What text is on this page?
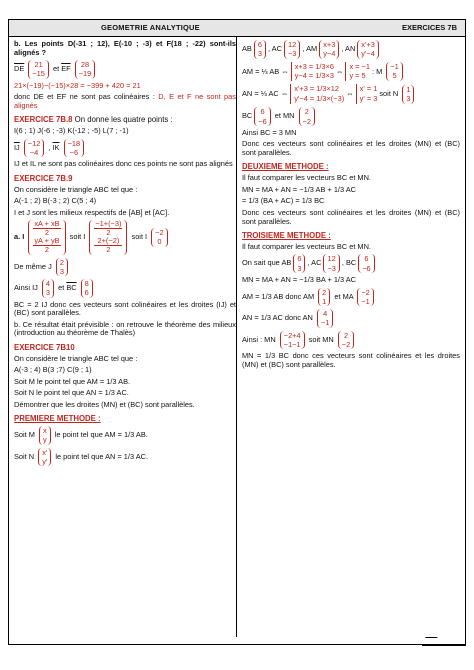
GEOMETRIE ANALYTIQUE	EXERCICES 7B

b. Les points D(-31 ; 12), E(-10 ; -3) et F(18 ; -22) sont-ils alignés ?

$\overline{DE}$ 21
−15
et $\overline{EF}$ 28
−19

21×(−19)−(−15)×28 = −399 + 420 = 21

donc DE et EF ne sont pas colinéaires : D, E et F ne sont pas alignés

EXERCICE 7B.8 On donne les quatre points :

I(6 ; 1) J(-6 ; -3) K(-12 ; -5) L(7 ; -1)

$\overline{IJ} -12$
−4
, $\overline{IK} -18$
−6

IJ et IL ne sont pas colinéaires donc ces points ne sont pas alignés

EXERCICE 7B.9

On considère le triangle ABC tel que :

A(-1 ; 2) B(-3 ; 2) C(5 ; 4)

I et J sont les milieux respectifs de [AB] et [AC].

a. I
xA + xB
2
yA + yB
2
soit I
−1+(−3)
2
2+(−2)
2
soit I −2
0

De même J 2
3

Ainsi IJ 4
3
et $\overline{BC}$ 8
6

BC = 2 IJ donc ces vecteurs sont colinéaires et les droites (IJ) et (BC) sont parallèles.

b. Ce résultat était prévisible : on retrouve le théorème des milieux (introduction au théorème de Thalès)

EXERCICE 7B10

On considère le triangle ABC tel que :

A(-3 ; 4) B(3 ;7) C(9 ; 1)

Soit M le point tel que AM = 1/3 AB.

Soit N le point tel que AN = 1/3 AC.

Démontrer que les droites (MN) et (BC) sont parallèles.

PREMIERE METHODE :

Soit M x
y
le point tel que AM = 1/3 AB.

Soit N x'
y'
le point tel que AN = 1/3 AC.

AB 6
3
, AC 12
−3
, AM x+3
y−4
, AN x'+3
y'−4

AM = ⅓ AB ⇔ x+3 = 1/3×6
y−4 = 1/3×3 ⇔ x = −1
y = 5 : M −1
5

AN = ⅓ AC ⇔ x'+3 = 1/3×12
y'−4 = 1/3×(−3) ⇔ x' = 1
y' = 3 soit N 1
3

BC 6
−6
et MN 2
−2

Ainsi BC = 3 MN

Donc ces vecteurs sont colinéaires et les droites (MN) et (BC) sont parallèles.

DEUXIEME METHODE :

Il faut comparer les vecteurs BC et MN.

MN = MA + AN = −1/3 AB + 1/3 AC

= 1/3 (BA + AC) = 1/3 BC

Donc ces vecteurs sont colinéaires et les droites (MN) et (BC) sont parallèles.

TROISIEME METHODE :

Il faut comparer les vecteurs BC et MN.

On sait que AB 6
3
, AC 12
−3
, BC 6
−6

MN = MA + AN = −1/3 BA + 1/3 AC

AM = 1/3 AB donc AM 2
1
et MA −2
−1

AN = 1/3 AC donc AN 4
−1

Ainsi : MN −2+4
−1−1
soit MN 2
−2

MN = 1/3 BC donc ces vecteurs sont colinéaires et les droites (MN) et (BC) sont parallèles.
